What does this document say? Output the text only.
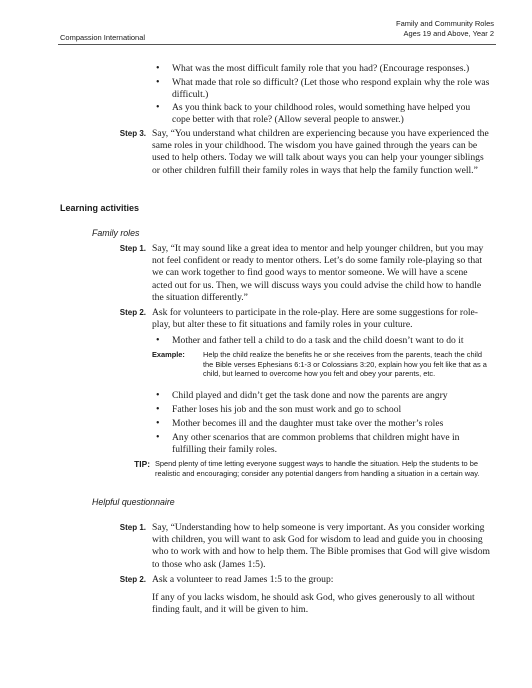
Compassion International
Family and Community Roles
Ages 19 and Above, Year 2
•	What was the most difficult family role that you had? (Encourage responses.)
•	What made that role so difficult? (Let those who respond explain why the role was difficult.)
•	As you think back to your childhood roles, would something have helped you cope better with that role? (Allow several people to answer.)
Step 3. Say, “You understand what children are experiencing because you have experienced the same roles in your childhood. The wisdom you have gained through the years can be used to help others. Today we will talk about ways you can help your younger siblings or other children fulfill their family roles in ways that help the family function well.”
Learning activities
Family roles
Step 1. Say, “It may sound like a great idea to mentor and help younger children, but you may not feel confident or ready to mentor others. Let’s do some family role-playing so that we can work together to find good ways to mentor someone. We will have a scene acted out for us. Then, we will discuss ways you could advise the child how to handle the situation differently.”
Step 2. Ask for volunteers to participate in the role-play. Here are some suggestions for role-play, but alter these to fit situations and family roles in your culture.
•	Mother and father tell a child to do a task and the child doesn’t want to do it
Example: Help the child realize the benefits he or she receives from the parents, teach the child the Bible verses Ephesians 6:1-3 or Colossians 3:20, explain how you felt like that as a child, but learned to overcome how you felt and obey your parents, etc.
•	Child played and didn’t get the task done and now the parents are angry
•	Father loses his job and the son must work and go to school
•	Mother becomes ill and the daughter must take over the mother’s roles
•	Any other scenarios that are common problems that children might have in fulfilling their family roles.
TIP: Spend plenty of time letting everyone suggest ways to handle the situation. Help the students to be realistic and encouraging; consider any potential dangers from handling a situation in a certain way.
Helpful questionnaire
Step 1. Say, “Understanding how to help someone is very important. As you consider working with children, you will want to ask God for wisdom to lead and guide you in choosing who to work with and how to help them. The Bible promises that God will give wisdom to those who ask (James 1:5).
Step 2. Ask a volunteer to read James 1:5 to the group:
If any of you lacks wisdom, he should ask God, who gives generously to all without finding fault, and it will be given to him.
